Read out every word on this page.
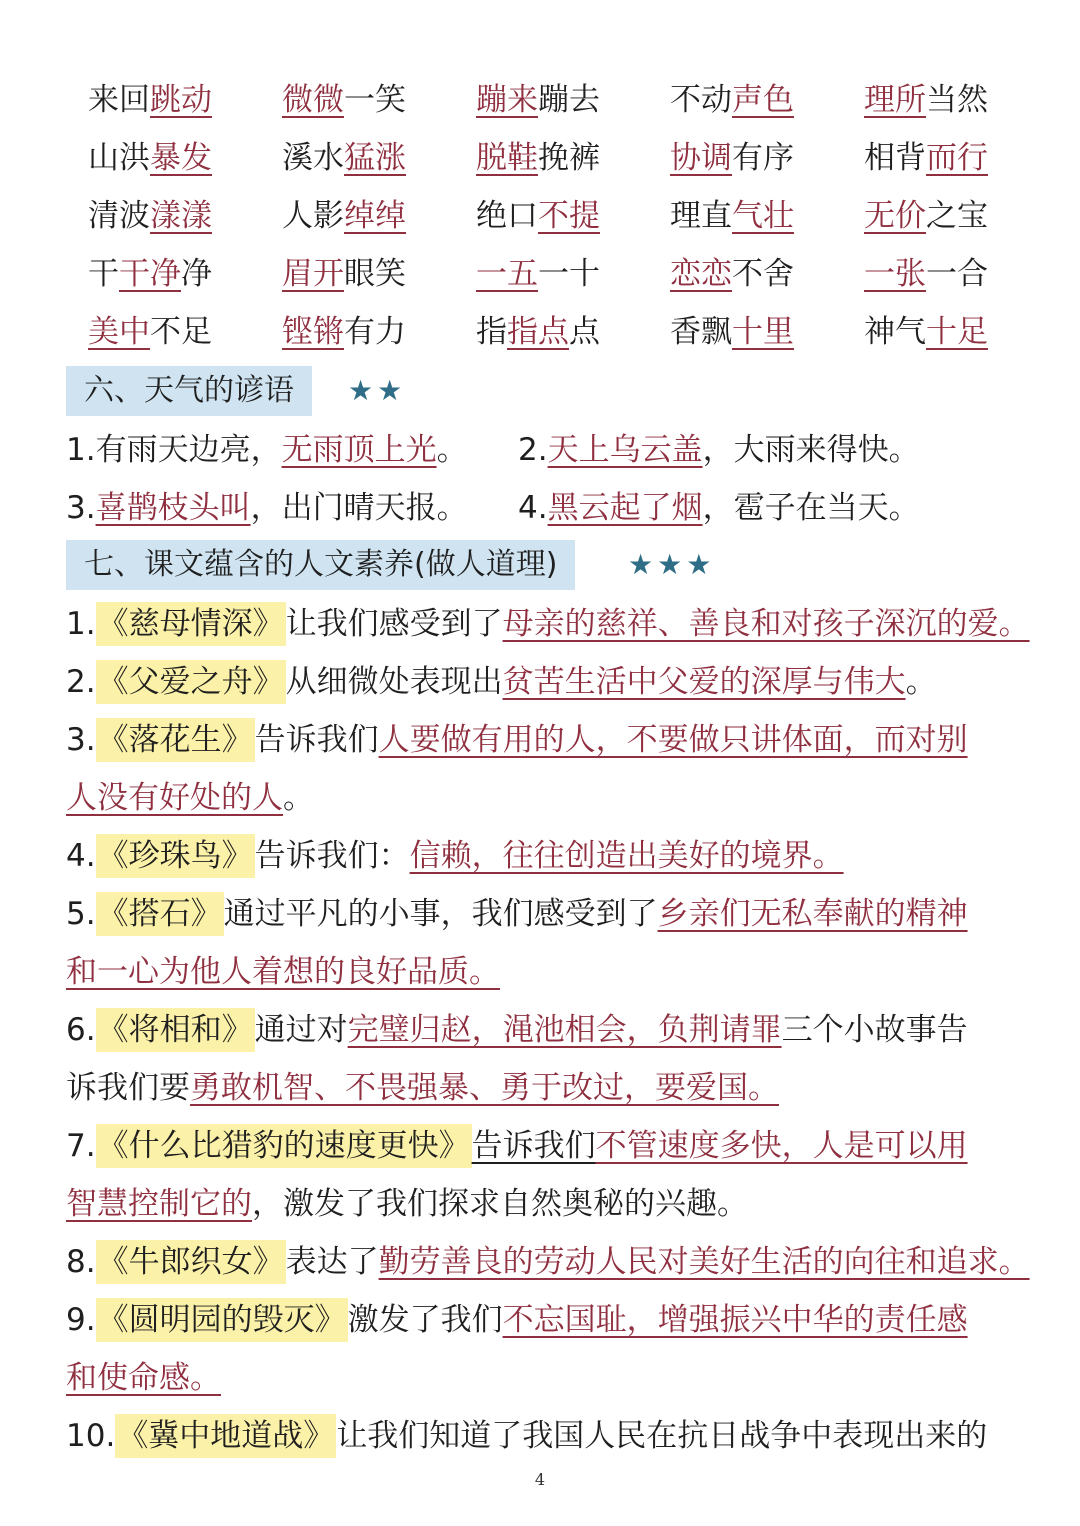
来回跳动 微微一笑 蹦来蹦去 不动声色 理所当然
山洪暴发 溪水猛涨 脱鞋挽裤 协调有序 相背而行
清波漾漾 人影绰绰 绝口不提 理直气壮 无价之宝
干干净净 眉开眼笑 一五一十 恋恋不舍 一张一合
美中不足 铿锵有力 指指点点 香飘十里 神气十足
六、天气的谚语	★★
1.有雨天边亮，无雨顶上光。 2.天上乌云盖，大雨来得快。
3.喜鹊枝头叫，出门晴天报。 4.黑云起了烟，雹子在当天。
七、课文蕴含的人文素养(做人道理)	★★★
1.《慈母情深》让我们感受到了母亲的慈祥、善良和对孩子深沉的爱。
2.《父爱之舟》从细微处表现出贫苦生活中父爱的深厚与伟大。
3.《落花生》告诉我们人要做有用的人，不要做只讲体面，而对别
人没有好处的人。
4.《珍珠鸟》告诉我们：信赖，往往创造出美好的境界。
5.《搭石》通过平凡的小事，我们感受到了乡亲们无私奉献的精神
和一心为他人着想的良好品质。
6.《将相和》通过对完璧归赵，渑池相会，负荆请罪三个小故事告
诉我们要勇敢机智、不畏强暴、勇于改过，要爱国。
7.《什么比猎豹的速度更快》告诉我们不管速度多快，人是可以用
智慧控制它的，激发了我们探求自然奥秘的兴趣。
8.《牛郎织女》表达了勤劳善良的劳动人民对美好生活的向往和追求。
9.《圆明园的毁灭》激发了我们不忘国耻，增强振兴中华的责任感
和使命感。
10.《冀中地道战》让我们知道了我国人民在抗日战争中表现出来的
4
